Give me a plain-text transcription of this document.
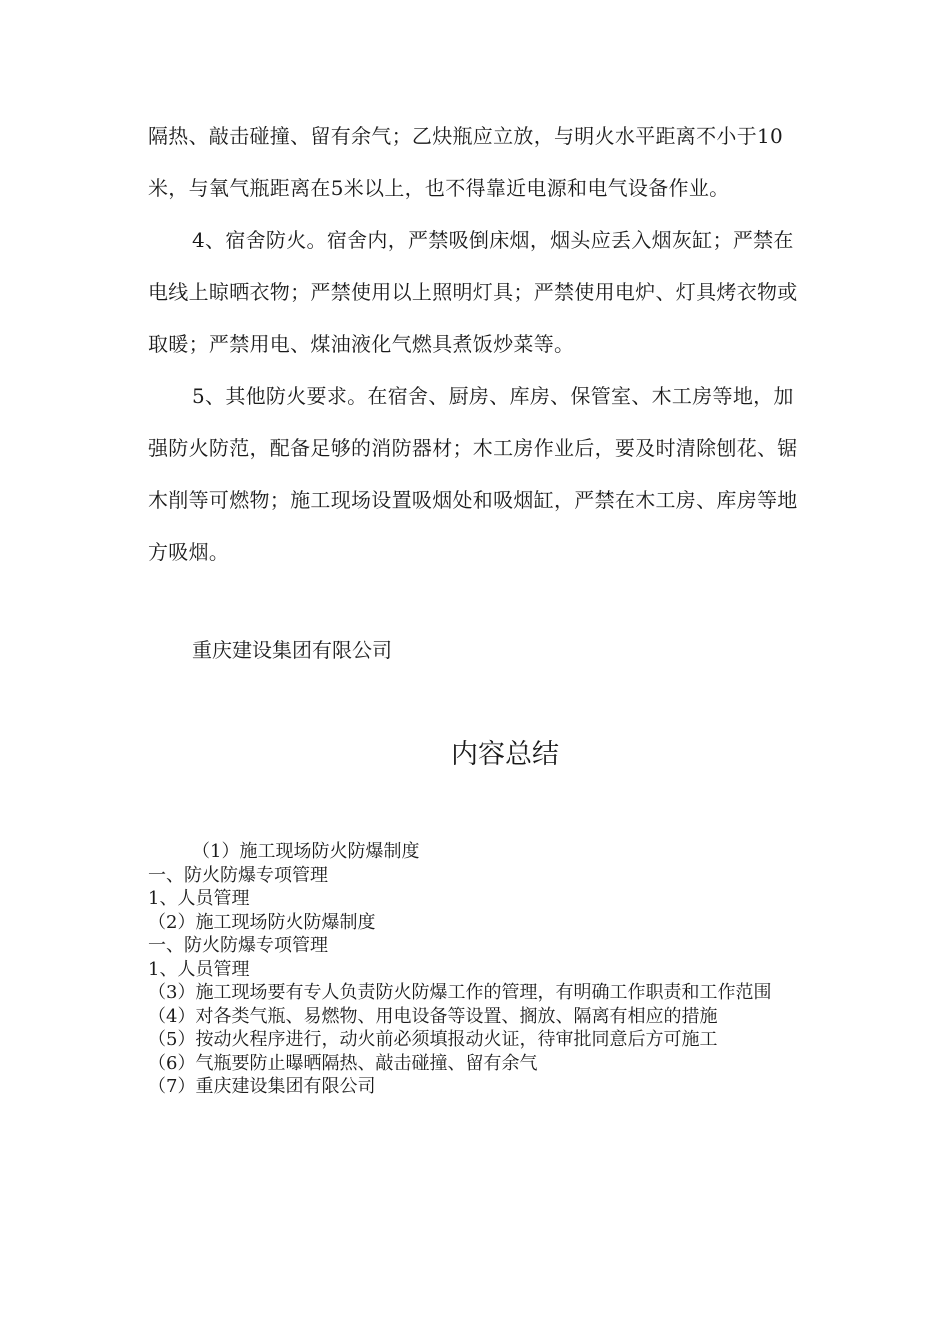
隔热、敲击碰撞、留有余气；乙炔瓶应立放，与明火水平距离不小于10米，与氧气瓶距离在5米以上，也不得靠近电源和电气设备作业。

4、宿舍防火。宿舍内，严禁吸倒床烟，烟头应丢入烟灰缸；严禁在电线上晾晒衣物；严禁使用以上照明灯具；严禁使用电炉、灯具烤衣物或取暖；严禁用电、煤油液化气燃具煮饭炒菜等。

5、其他防火要求。在宿舍、厨房、库房、保管室、木工房等地，加强防火防范，配备足够的消防器材；木工房作业后，要及时清除刨花、锯木削等可燃物；施工现场设置吸烟处和吸烟缸，严禁在木工房、库房等地方吸烟。

重庆建设集团有限公司
内容总结

（1）施工现场防火防爆制度

一、防火防爆专项管理

1、人员管理

（2）施工现场防火防爆制度

一、防火防爆专项管理

1、人员管理

（3）施工现场要有专人负责防火防爆工作的管理，有明确工作职责和工作范围

（4）对各类气瓶、易燃物、用电设备等设置、搁放、隔离有相应的措施

（5）按动火程序进行，动火前必须填报动火证，待审批同意后方可施工

（6）气瓶要防止曝晒隔热、敲击碰撞、留有余气

（7）重庆建设集团有限公司
